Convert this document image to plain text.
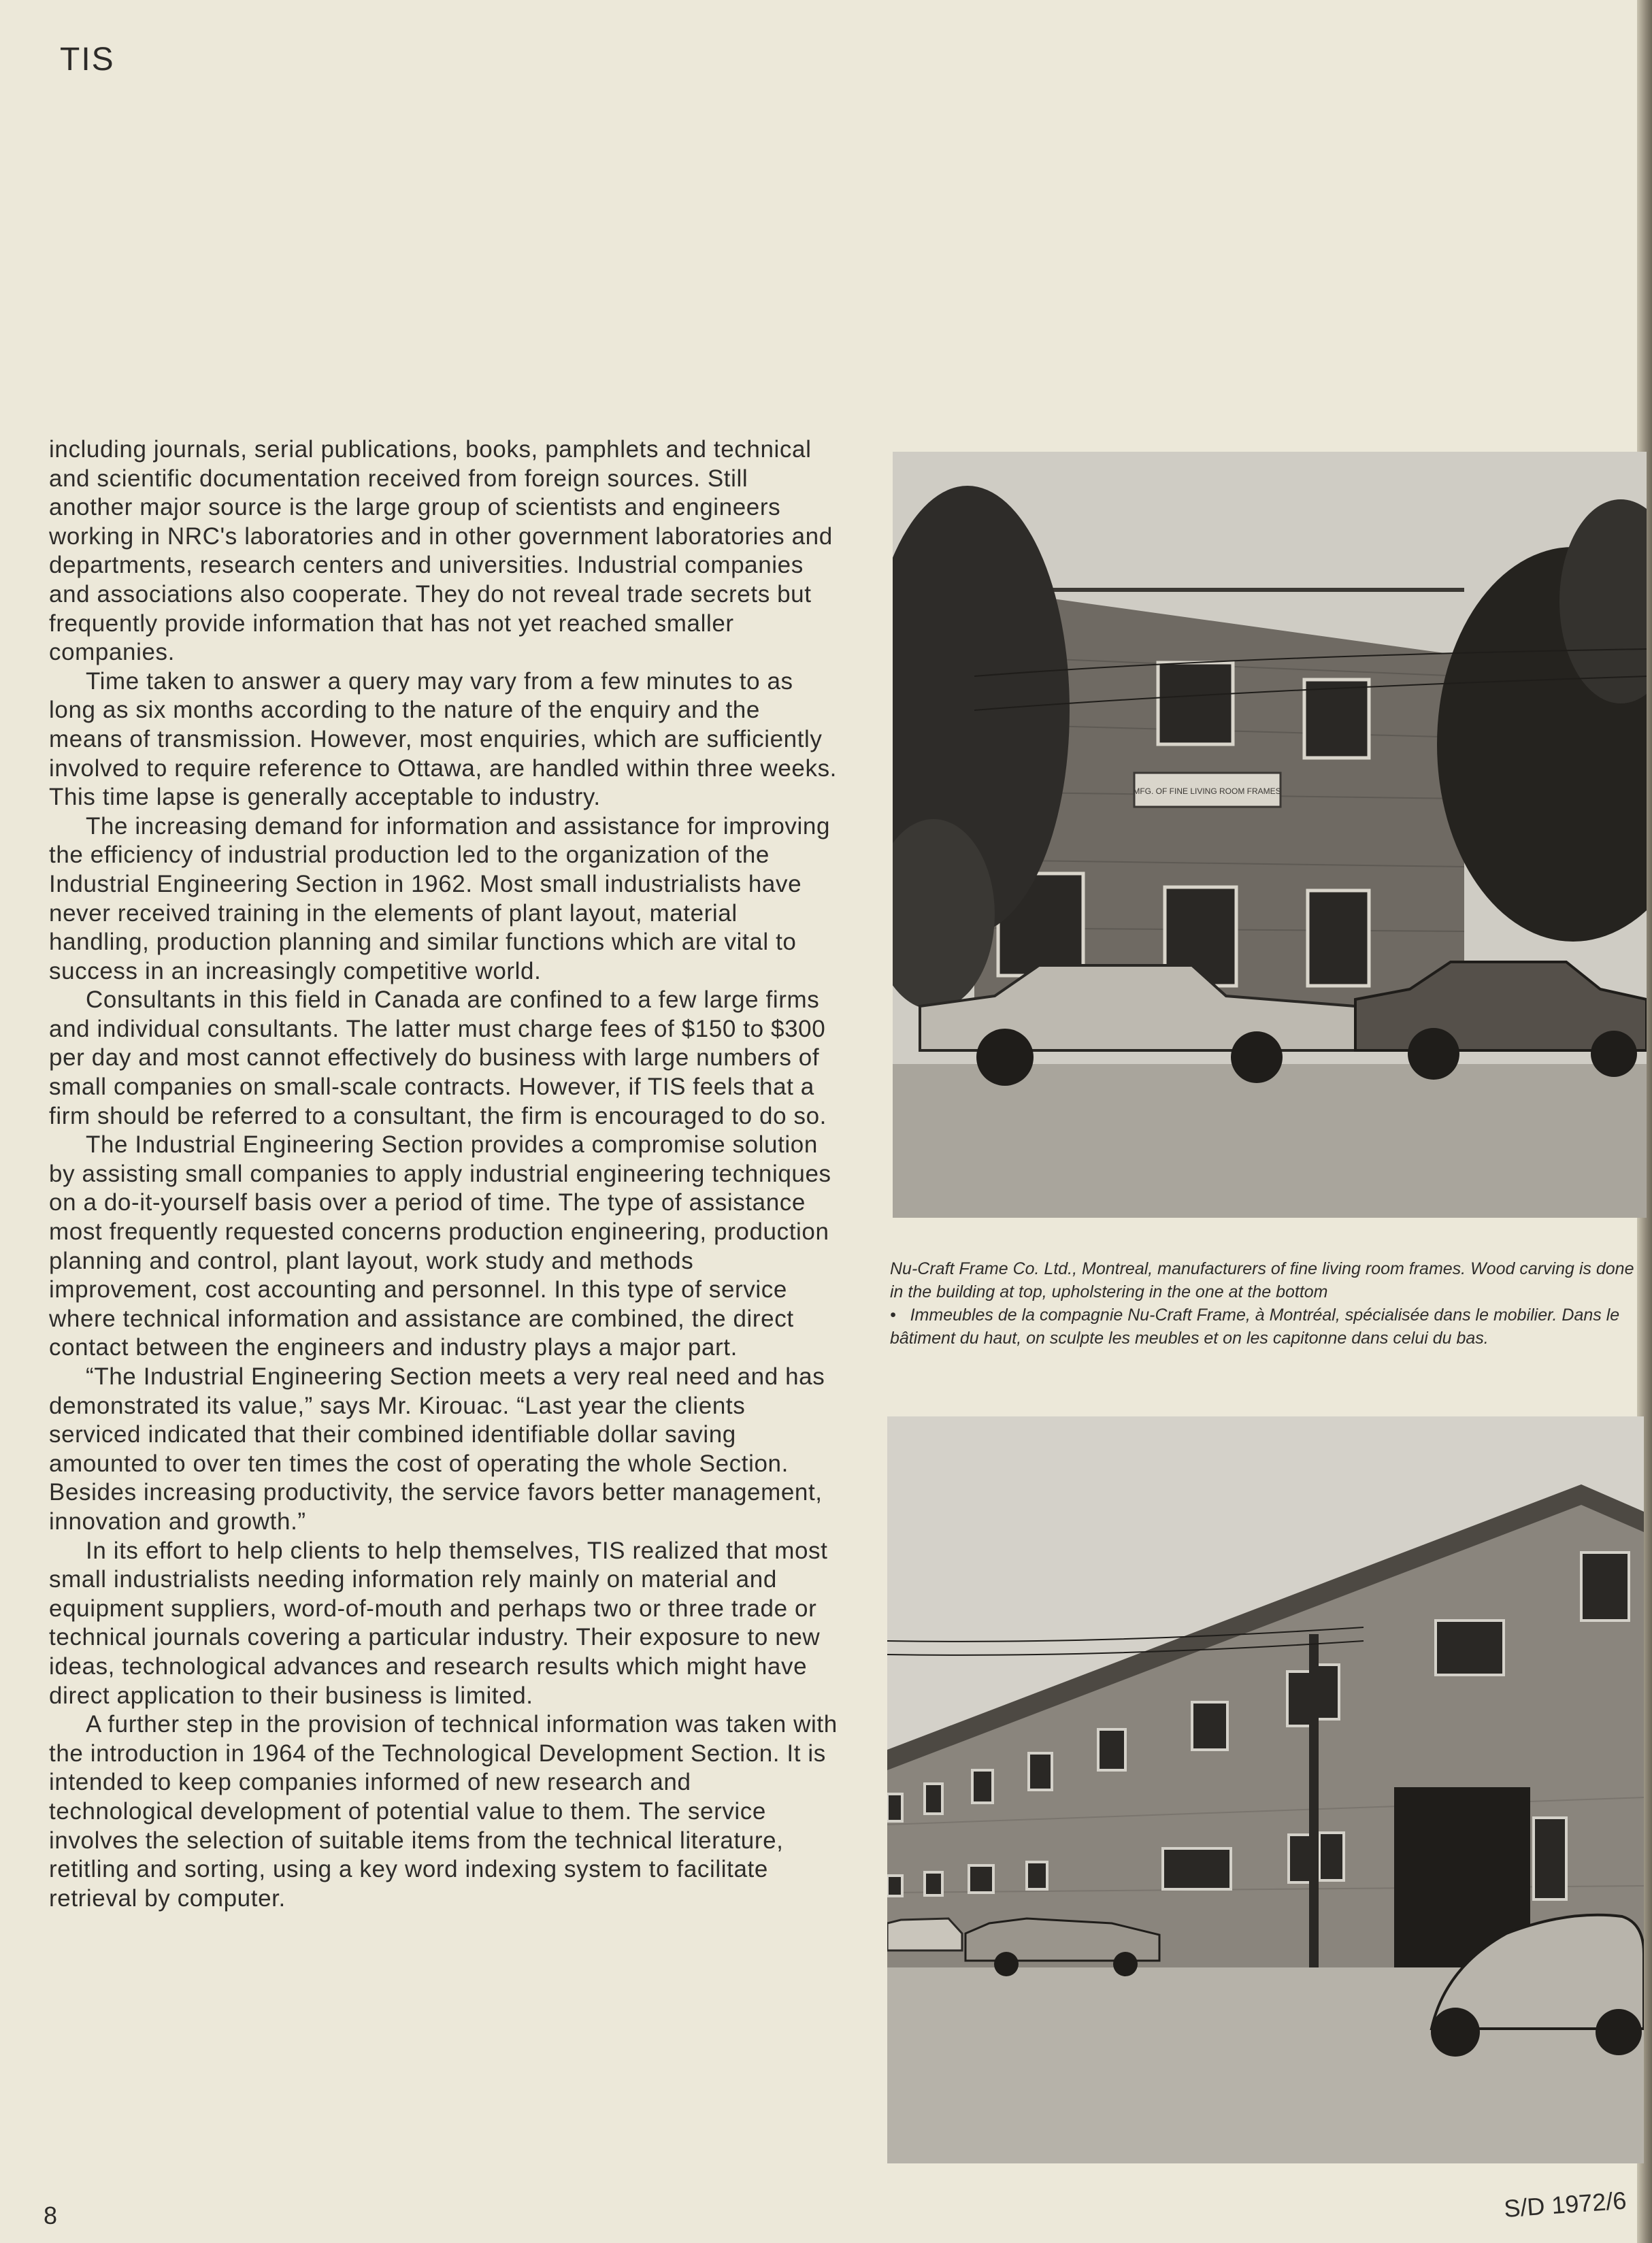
TIS

including journals, serial publications, books, pamphlets and technical and scientific documentation received from foreign sources. Still another major source is the large group of scientists and engineers working in NRC's laboratories and in other government laboratories and departments, research centers and universities. Industrial companies and associations also cooperate. They do not reveal trade secrets but frequently provide information that has not yet reached smaller companies.

Time taken to answer a query may vary from a few minutes to as long as six months according to the nature of the enquiry and the means of transmission. However, most enquiries, which are sufficiently involved to require reference to Ottawa, are handled within three weeks. This time lapse is generally acceptable to industry.

The increasing demand for information and assistance for improving the efficiency of industrial production led to the organization of the Industrial Engineering Section in 1962. Most small industrialists have never received training in the elements of plant layout, material handling, production planning and similar functions which are vital to success in an increasingly competitive world.

Consultants in this field in Canada are confined to a few large firms and individual consultants. The latter must charge fees of $150 to $300 per day and most cannot effectively do business with large numbers of small companies on small-scale contracts. However, if TIS feels that a firm should be referred to a consultant, the firm is encouraged to do so.

The Industrial Engineering Section provides a compromise solution by assisting small companies to apply industrial engineering techniques on a do-it-yourself basis over a period of time. The type of assistance most frequently requested concerns production engineering, production planning and control, plant layout, work study and methods improvement, cost accounting and personnel. In this type of service where technical information and assistance are combined, the direct contact between the engineers and industry plays a major part.

“The Industrial Engineering Section meets a very real need and has demonstrated its value,” says Mr. Kirouac. “Last year the clients serviced indicated that their combined identifiable dollar saving amounted to over ten times the cost of operating the whole Section. Besides increasing productivity, the service favors better management, innovation and growth.”

In its effort to help clients to help themselves, TIS realized that most small industrialists needing information rely mainly on material and equipment suppliers, word-of-mouth and perhaps two or three trade or technical journals covering a particular industry. Their exposure to new ideas, technological advances and research results which might have direct application to their business is limited.

A further step in the provision of technical information was taken with the introduction in 1964 of the Technological Development Section. It is intended to keep companies informed of new research and technological development of potential value to them. The service involves the selection of suitable items from the technical literature, retitling and sorting, using a key word indexing system to facilitate retrieval by computer.

MFG. OF FINE LIVING ROOM FRAMES

Nu-Craft Frame Co. Ltd., Montreal, manufacturers of fine living room frames. Wood carving is done in the building at top, upholstering in the one at the bottom

• Immeubles de la compagnie Nu-Craft Frame, à Montréal, spécialisée dans le mobilier. Dans le bâtiment du haut, on sculpte les meubles et on les capitonne dans celui du bas.

8	S/D 1972/6
